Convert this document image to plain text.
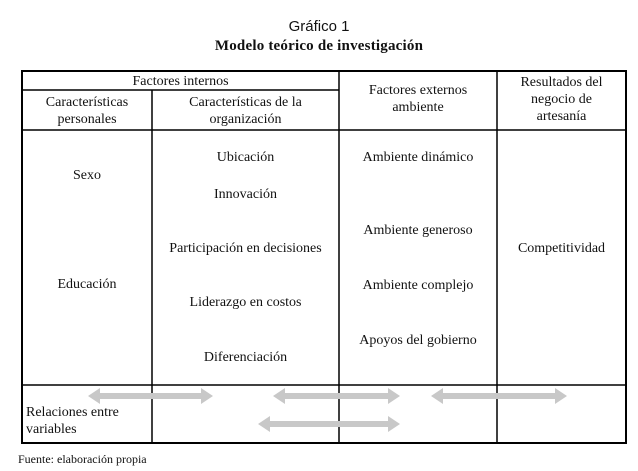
Gráfico 1
Modelo teórico de investigación
Factores internos
Características
personales
Características de la
organización
Factores externos
ambiente
Resultados del
negocio de
artesanía
Sexo
Educación
Ubicación
Innovación
Participación en decisiones
Liderazgo en costos
Diferenciación
Ambiente dinámico
Ambiente generoso
Ambiente complejo
Apoyos del gobierno
Competitividad
Relaciones entre
variables
Fuente: elaboración propia
